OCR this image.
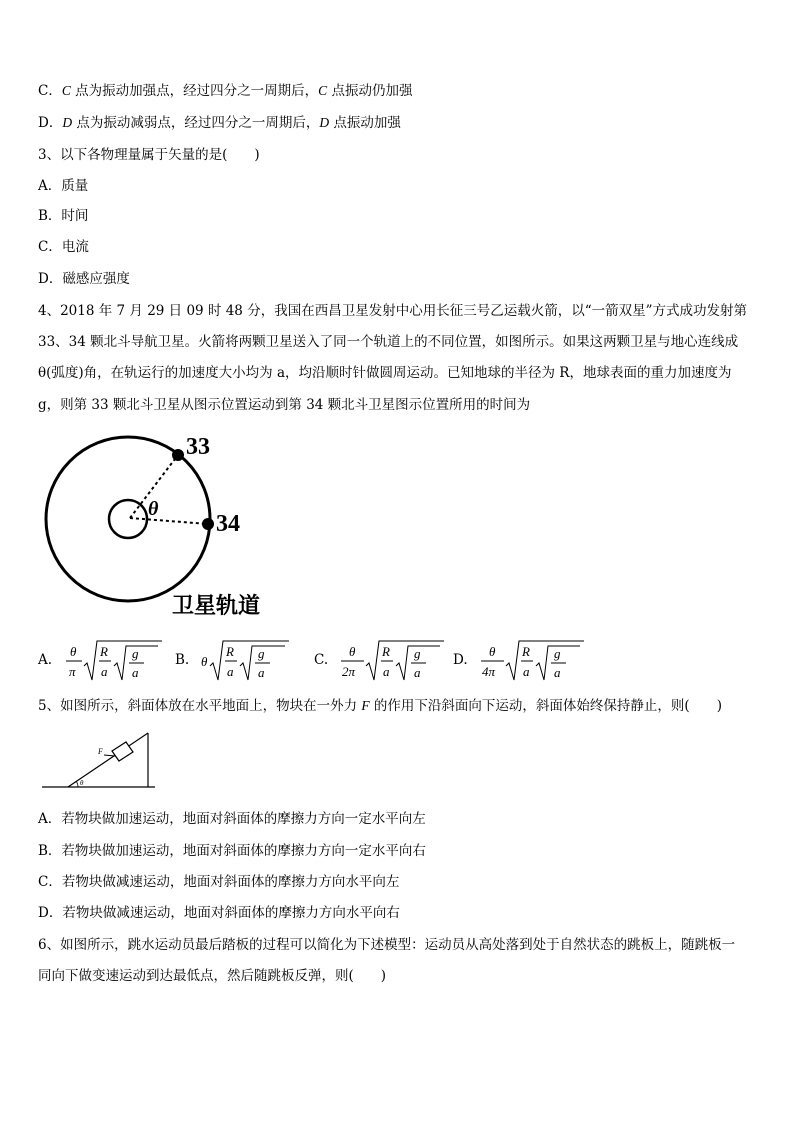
C．C 点为振动加强点，经过四分之一周期后，C 点振动仍加强
D．D 点为振动减弱点，经过四分之一周期后，D 点振动加强
3、以下各物理量属于矢量的是(　　)
A．质量
B．时间
C．电流
D．磁感应强度
4、2018 年 7 月 29 日 09 时 48 分，我国在西昌卫星发射中心用长征三号乙运载火箭，以“一箭双星”方式成功发射第
33、34 颗北斗导航卫星。火箭将两颗卫星送入了同一个轨道上的不同位置，如图所示。如果这两颗卫星与地心连线成
θ(弧度)角，在轨运行的加速度大小均为 a，均沿顺时针做圆周运动。已知地球的半径为 R，地球表面的重力加速度为
g，则第 33 颗北斗卫星从图示位置运动到第 34 颗北斗卫星图示位置所用的时间为
33
34
θ
卫星轨道
A.
θ
π
R
a
g
a
B. θ
R
a
g
a
C.
θ
2π
R
a
g
a
D.
θ
4π
R
a
g
a
5、如图所示，斜面体放在水平地面上，物块在一外力 F 的作用下沿斜面向下运动，斜面体始终保持静止，则(　　)
F
θ
A．若物块做加速运动，地面对斜面体的摩擦力方向一定水平向左
B．若物块做加速运动，地面对斜面体的摩擦力方向一定水平向右
C．若物块做减速运动，地面对斜面体的摩擦力方向水平向左
D．若物块做减速运动，地面对斜面体的摩擦力方向水平向右
6、如图所示，跳水运动员最后踏板的过程可以简化为下述模型：运动员从高处落到处于自然状态的跳板上，随跳板一
同向下做变速运动到达最低点，然后随跳板反弹，则(　　)
